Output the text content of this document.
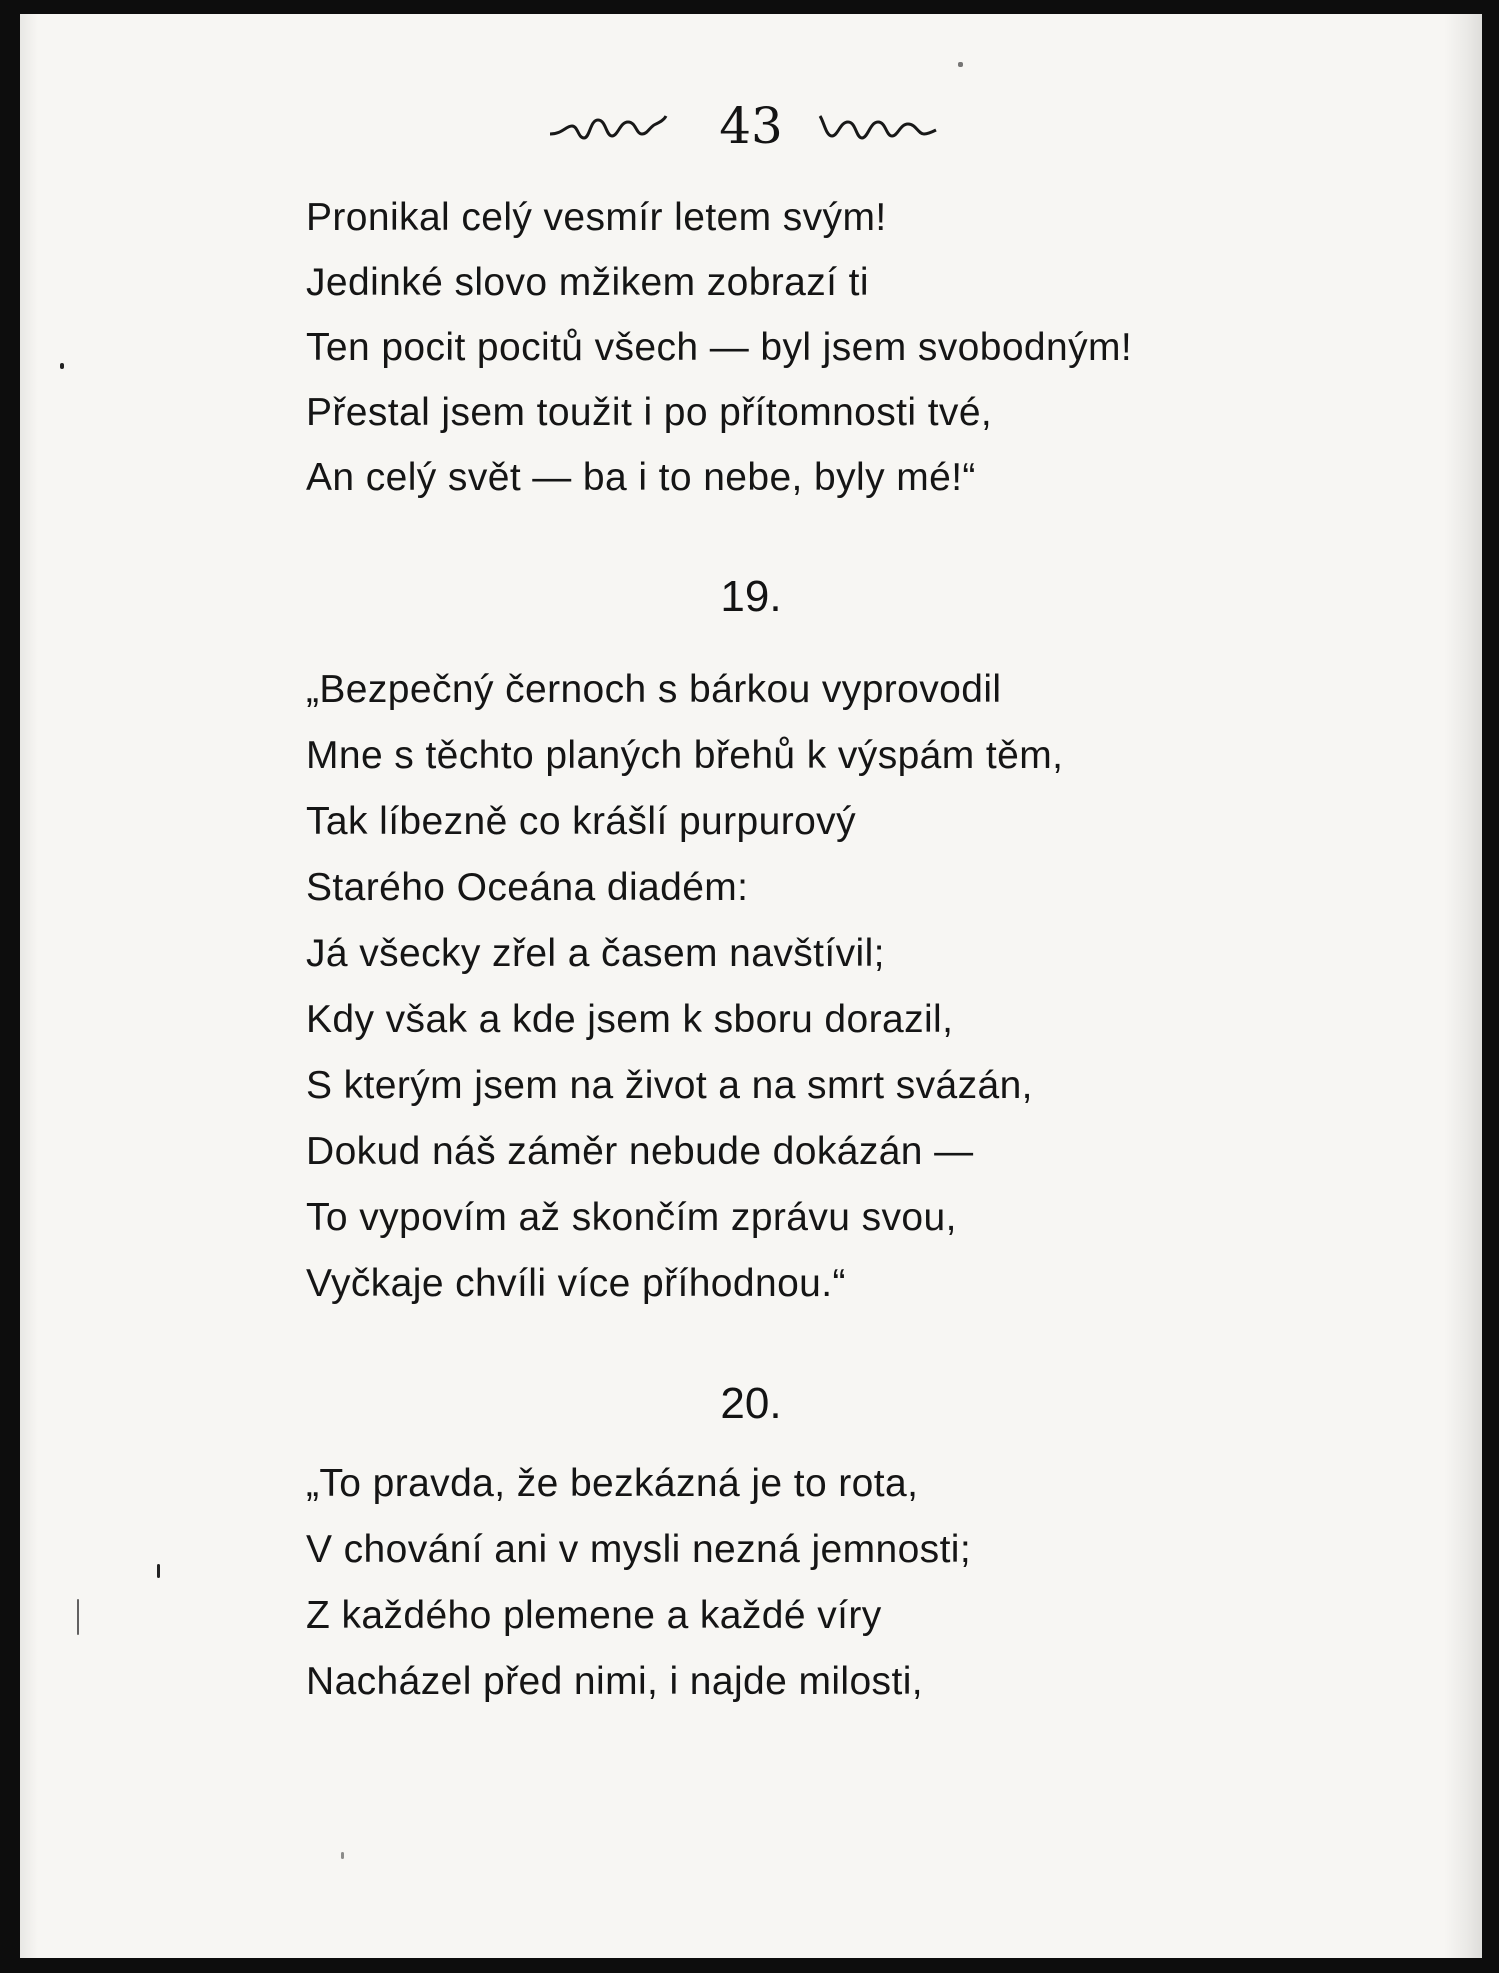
43

Pronikal celý vesmír letem svým!

Jedinké slovo mžikem zobrazí ti

Ten pocit pocitů všech — byl jsem svobodným!

Přestal jsem toužit i po přítomnosti tvé,

An celý svět — ba i to nebe, byly mé!“

19.

„Bezpečný černoch s bárkou vyprovodil

Mne s těchto planých břehů k výspám těm,

Tak líbezně co krášlí purpurový

Starého Oceána diadém:

Já všecky zřel a časem navštívil;

Kdy však a kde jsem k sboru dorazil,

S kterým jsem na život a na smrt svázán,

Dokud náš záměr nebude dokázán —

To vypovím až skončím zprávu svou,

Vyčkaje chvíli více příhodnou.“

20.

„To pravda, že bezkázná je to rota,

V chování ani v mysli nezná jemnosti;

Z každého plemene a každé víry

Nacházel před nimi, i najde milosti,
